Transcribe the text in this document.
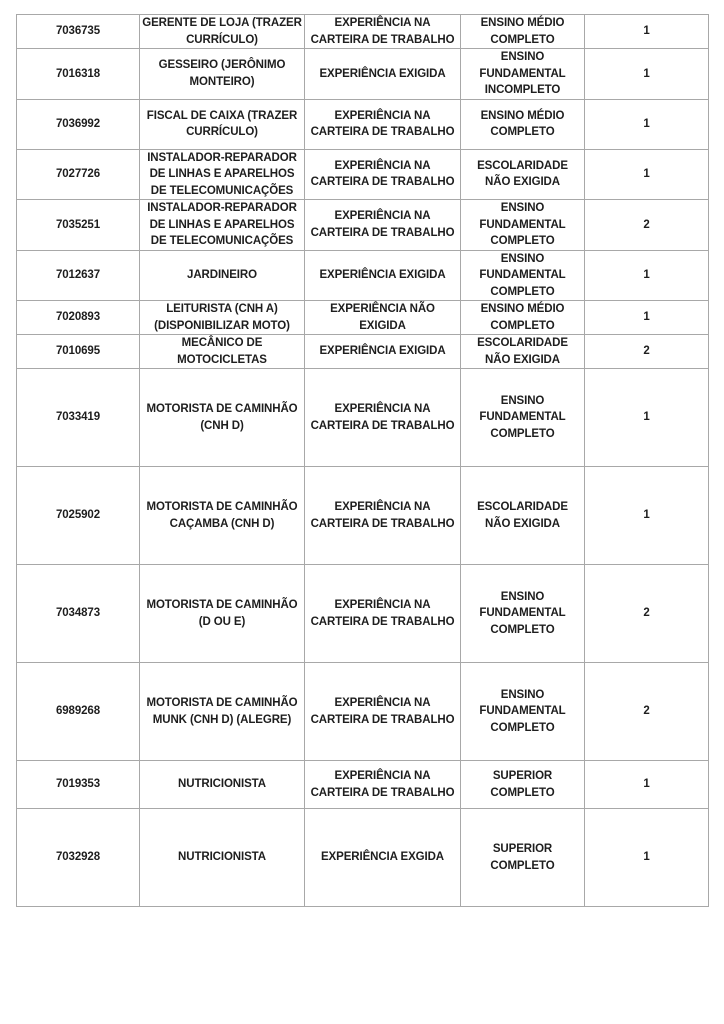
7036735	GERENTE DE LOJA (TRAZER CURRÍCULO)	EXPERIÊNCIA NA CARTEIRA DE TRABALHO	ENSINO MÉDIO COMPLETO	1
7016318	GESSEIRO (JERÔNIMO MONTEIRO)	EXPERIÊNCIA EXIGIDA	ENSINO FUNDAMENTAL INCOMPLETO	1
7036992	FISCAL DE CAIXA (TRAZER CURRÍCULO)	EXPERIÊNCIA NA CARTEIRA DE TRABALHO	ENSINO MÉDIO COMPLETO	1
7027726	INSTALADOR-REPARADOR DE LINHAS E APARELHOS DE TELECOMUNICAÇÕES	EXPERIÊNCIA NA CARTEIRA DE TRABALHO	ESCOLARIDADE NÃO EXIGIDA	1
7035251	INSTALADOR-REPARADOR DE LINHAS E APARELHOS DE TELECOMUNICAÇÕES	EXPERIÊNCIA NA CARTEIRA DE TRABALHO	ENSINO FUNDAMENTAL COMPLETO	2
7012637	JARDINEIRO	EXPERIÊNCIA EXIGIDA	ENSINO FUNDAMENTAL COMPLETO	1
7020893	LEITURISTA (CNH A) (DISPONIBILIZAR MOTO)	EXPERIÊNCIA NÃO EXIGIDA	ENSINO MÉDIO COMPLETO	1
7010695	MECÂNICO DE MOTOCICLETAS	EXPERIÊNCIA EXIGIDA	ESCOLARIDADE NÃO EXIGIDA	2
7033419	MOTORISTA DE CAMINHÃO (CNH D)	EXPERIÊNCIA NA CARTEIRA DE TRABALHO	ENSINO FUNDAMENTAL COMPLETO	1
7025902	MOTORISTA DE CAMINHÃO CAÇAMBA (CNH D)	EXPERIÊNCIA NA CARTEIRA DE TRABALHO	ESCOLARIDADE NÃO EXIGIDA	1
7034873	MOTORISTA DE CAMINHÃO (D OU E)	EXPERIÊNCIA NA CARTEIRA DE TRABALHO	ENSINO FUNDAMENTAL COMPLETO	2
6989268	MOTORISTA DE CAMINHÃO MUNK (CNH D) (ALEGRE)	EXPERIÊNCIA NA CARTEIRA DE TRABALHO	ENSINO FUNDAMENTAL COMPLETO	2
7019353	NUTRICIONISTA	EXPERIÊNCIA NA CARTEIRA DE TRABALHO	SUPERIOR COMPLETO	1
7032928	NUTRICIONISTA	EXPERIÊNCIA EXGIDA	SUPERIOR COMPLETO	1
